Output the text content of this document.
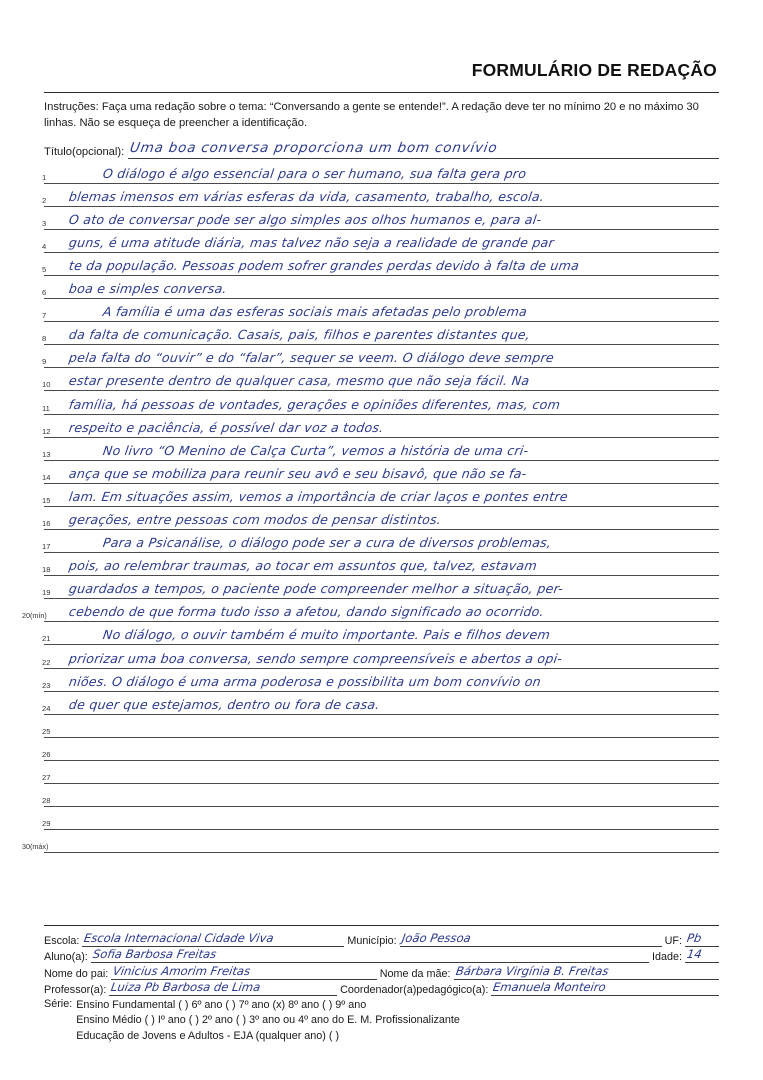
FORMULÁRIO DE REDAÇÃO
Instruções: Faça uma redação sobre o tema: “Conversando a gente se entende!”. A redação deve ter no mínimo 20 e no máximo 30 linhas. Não se esqueça de preencher a identificação.
Título(opcional): Uma boa conversa proporciona um bom convívio
1	O diálogo é algo essencial para o ser humano, sua falta gera pro
2	blemas imensos em várias esferas da vida, casamento, trabalho, escola.
3	O ato de conversar pode ser algo simples aos olhos humanos e, para al-
4	guns, é uma atitude diária, mas talvez não seja a realidade de grande par
5	te da população. Pessoas podem sofrer grandes perdas devido à falta de uma
6	boa e simples conversa.
7	A família é uma das esferas sociais mais afetadas pelo problema
8	da falta de comunicação. Casais, pais, filhos e parentes distantes que,
9	pela falta do “ouvir” e do “falar”, sequer se veem. O diálogo deve sempre
10	estar presente dentro de qualquer casa, mesmo que não seja fácil. Na
11	família, há pessoas de vontades, gerações e opiniões diferentes, mas, com
12	respeito e paciência, é possível dar voz a todos.
13	No livro “O Menino de Calça Curta”, vemos a história de uma cri-
14	ança que se mobiliza para reunir seu avô e seu bisavô, que não se fa-
15	lam. Em situações assim, vemos a importância de criar laços e pontes entre
16	gerações, entre pessoas com modos de pensar distintos.
17	Para a Psicanálise, o diálogo pode ser a cura de diversos problemas,
18	pois, ao relembrar traumas, ao tocar em assuntos que, talvez, estavam
19	guardados a tempos, o paciente pode compreender melhor a situação, per-
20(mín)	cebendo de que forma tudo isso a afetou, dando significado ao ocorrido.
21	No diálogo, o ouvir também é muito importante. Pais e filhos devem
22	priorizar uma boa conversa, sendo sempre compreensíveis e abertos a opi-
23	niões. O diálogo é uma arma poderosa e possibilita um bom convívio on
24	de quer que estejamos, dentro ou fora de casa.
25
26
27
28
29
30(máx)
Escola: Escola Internacional Cidade Viva	Município: João Pessoa	UF: Pb
Aluno(a): Sofia Barbosa Freitas	Idade: 14
Nome do pai: Vinicius Amorim Freitas	Nome da mãe: Bárbara Virgínia B. Freitas
Professor(a): Luiza Pb Barbosa de Lima	Coordenador(a)pedagógico(a): Emanuela Monteiro
Série: Ensino Fundamental ( ) 6º ano ( ) 7º ano (x) 8º ano ( ) 9º ano
Ensino Médio ( ) Iº ano ( ) 2º ano ( ) 3º ano ou 4º ano do E. M. Profissionalizante
Educação de Jovens e Adultos - EJA (qualquer ano) ( )
